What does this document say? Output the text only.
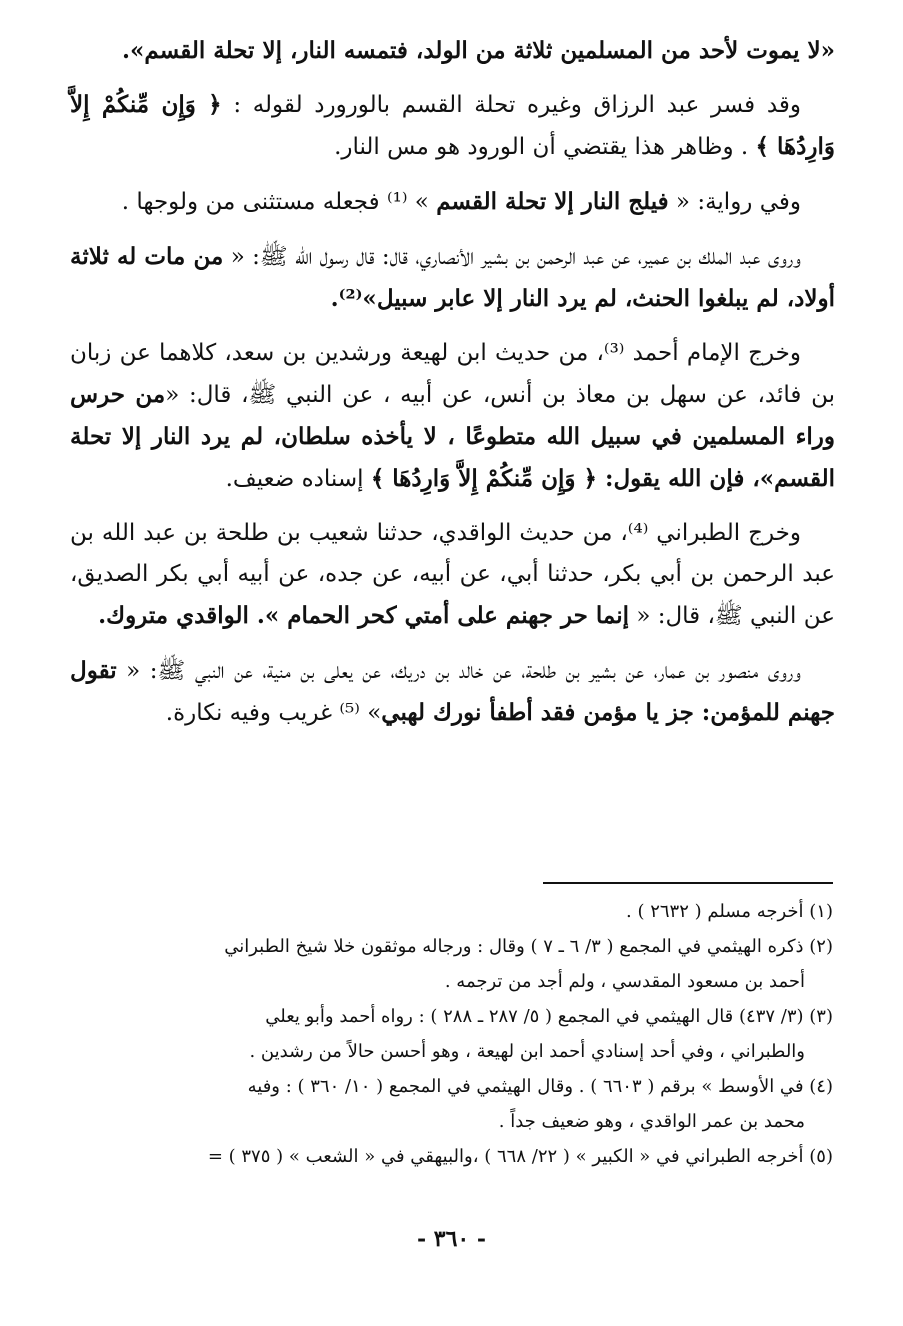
«لا يموت لأحد من المسلمين ثلاثة من الولد، فتمسه النار، إلا تحلة القسم».

وقد فسر عبد الرزاق وغيره تحلة القسم بالورورد لقوله : ﴿ وَإِن مِّنكُمْ إِلاَّ وَارِدُهَا ﴾ . وظاهر هذا يقتضي أن الورود هو مس النار.

وفي رواية: « فيلج النار إلا تحلة القسم » ⁽¹⁾ فجعله مستثنى من ولوجها .

وروى عبد الملك بن عمير، عن عبد الرحمن بن بشير الأنصاري، قال: قال رسول الله ﷺ: « من مات له ثلاثة أولاد، لم يبلغوا الحنث، لم يرد النار إلا عابر سبيل»⁽²⁾.

وخرج الإمام أحمد ⁽³⁾، من حديث ابن لهيعة ورشدين بن سعد، كلاهما عن زبان بن فائد، عن سهل بن معاذ بن أنس، عن أبيه ، عن النبي ﷺ، قال: «من حرس وراء المسلمين في سبيل الله متطوعًا ، لا يأخذه سلطان، لم يرد النار إلا تحلة القسم»، فإن الله يقول: ﴿ وَإِن مِّنكُمْ إِلاَّ وَارِدُهَا ﴾ إسناده ضعيف.

وخرج الطبراني ⁽⁴⁾، من حديث الواقدي، حدثنا شعيب بن طلحة بن عبد الله بن عبد الرحمن بن أبي بكر، حدثنا أبي، عن أبيه، عن جده، عن أبيه أبي بكر الصديق، عن النبي ﷺ، قال: « إنما حر جهنم على أمتي كحر الحمام ». الواقدي متروك.

وروى منصور بن عمار، عن بشير بن طلحة، عن خالد بن دريك، عن يعلى بن منية، عن النبي ﷺ: « تقول جهنم للمؤمن: جز يا مؤمن فقد أطفأ نورك لهبي» ⁽⁵⁾ غريب وفيه نكارة.

(١) أخرجه مسلم ( ٢٦٣٢ ) .

(٢) ذكره الهيثمي في المجمع ( ٣/ ٦ ـ ٧ ) وقال : ورجاله موثقون خلا شيخ الطبراني
أحمد بن مسعود المقدسي ، ولم أجد من ترجمه .

(٣) (٣/ ٤٣٧) قال الهيثمي في المجمع ( ٥/ ٢٨٧ ـ ٢٨٨ ) : رواه أحمد وأبو يعلي
والطبراني ، وفي أحد إسنادي أحمد ابن لهيعة ، وهو أحسن حالاً من رشدين .

(٤) في الأوسط » برقم ( ٦٦٠٣ ) . وقال الهيثمي في المجمع ( ١٠/ ٣٦٠ ) : وفيه
محمد بن عمر الواقدي ، وهو ضعيف جداً .

(٥) أخرجه الطبراني في « الكبير » ( ٢٢/ ٦٦٨ ) ،والبيهقي في « الشعب » ( ٣٧٥ ) =

- ٣٦٠ -
